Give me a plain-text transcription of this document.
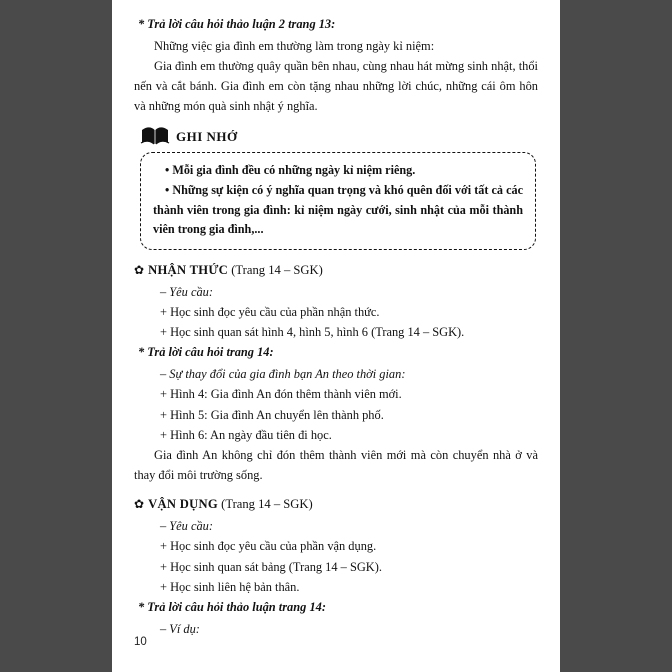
* Trả lời câu hỏi thảo luận 2 trang 13:

Những việc gia đình em thường làm trong ngày kỉ niệm:

Gia đình em thường quây quần bên nhau, cùng nhau hát mừng sinh nhật, thổi nến và cắt bánh. Gia đình em còn tặng nhau những lời chúc, những cái ôm hôn và những món quà sinh nhật ý nghĩa.

GHI NHỚ

• Mỗi gia đình đều có những ngày kỉ niệm riêng.

• Những sự kiện có ý nghĩa quan trọng và khó quên đối với tất cả các thành viên trong gia đình: kỉ niệm ngày cưới, sinh nhật của mỗi thành viên trong gia đình,...

✿ NHẬN THỨC (Trang 14 – SGK)

– Yêu cầu:

+ Học sinh đọc yêu cầu của phần nhận thức.

+ Học sinh quan sát hình 4, hình 5, hình 6 (Trang 14 – SGK).

* Trả lời câu hỏi trang 14:

– Sự thay đổi của gia đình bạn An theo thời gian:

+ Hình 4: Gia đình An đón thêm thành viên mới.

+ Hình 5: Gia đình An chuyển lên thành phố.

+ Hình 6: An ngày đầu tiên đi học.

Gia đình An không chỉ đón thêm thành viên mới mà còn chuyển nhà ở và thay đổi môi trường sống.

✿ VẬN DỤNG (Trang 14 – SGK)

– Yêu cầu:

+ Học sinh đọc yêu cầu của phần vận dụng.

+ Học sinh quan sát bảng (Trang 14 – SGK).

+ Học sinh liên hệ bản thân.

* Trả lời câu hỏi thảo luận trang 14:

– Ví dụ:

10
